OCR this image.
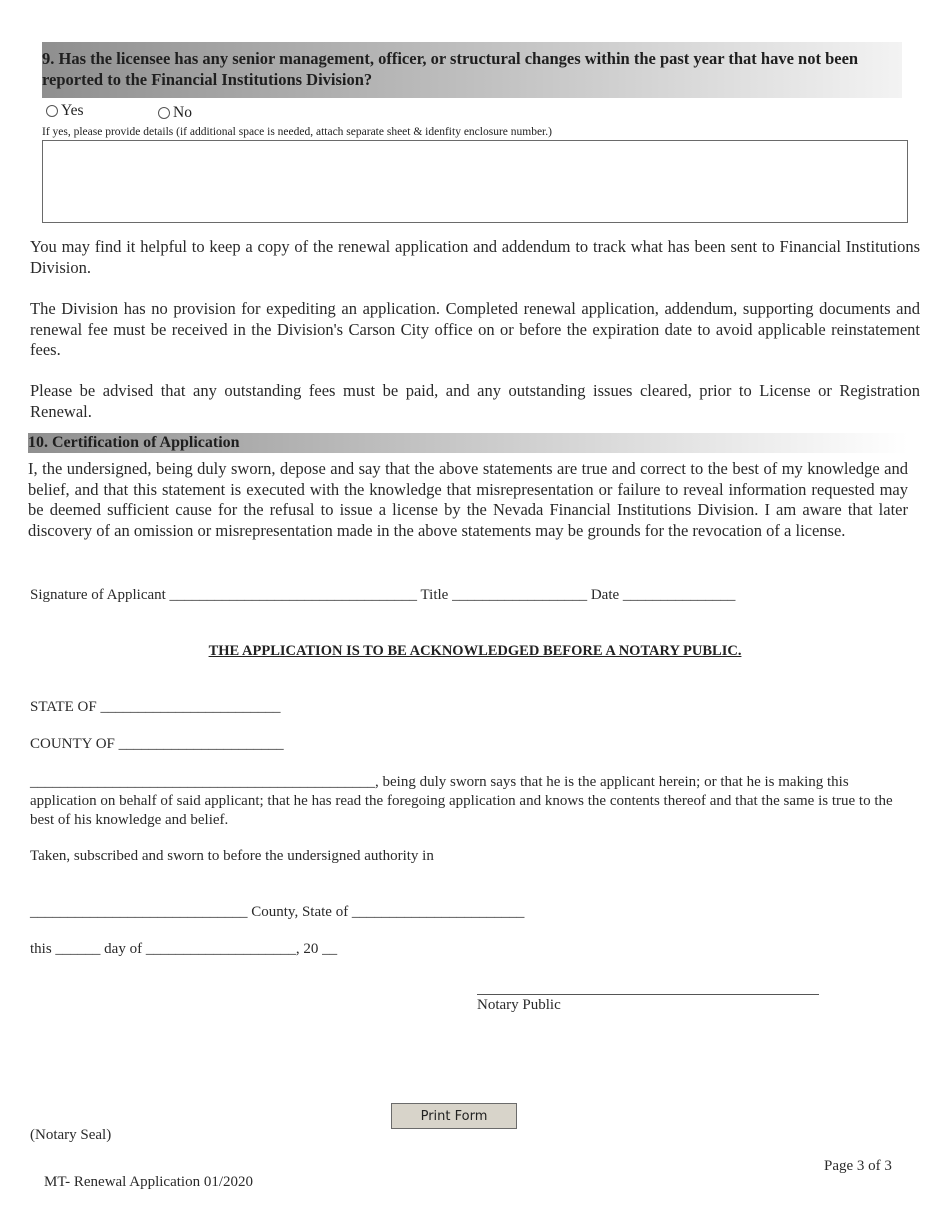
9. Has the licensee has any senior management, officer, or structural changes within the past year that have not been reported to the Financial Institutions Division?
Yes	No
If yes, please provide details (if additional space is needed, attach separate sheet & idenfity enclosure number.)
You may find it helpful to keep a copy of the renewal application and addendum to track what has been sent to Financial Institutions Division.
The Division has no provision for expediting an application. Completed renewal application, addendum, supporting documents and renewal fee must be received in the Division's Carson City office on or before the expiration date to avoid applicable reinstatement fees.
Please be advised that any outstanding fees must be paid, and any outstanding issues cleared, prior to License or Registration Renewal.
10. Certification of Application
I, the undersigned, being duly sworn, depose and say that the above statements are true and correct to the best of my knowledge and belief, and that this statement is executed with the knowledge that misrepresentation or failure to reveal information requested may be deemed sufficient cause for the refusal to issue a license by the Nevada Financial Institutions Division. I am aware that later discovery of an omission or misrepresentation made in the above statements may be grounds for the revocation of a license.
Signature of Applicant _________________________________ Title __________________ Date _______________
THE APPLICATION IS TO BE ACKNOWLEDGED BEFORE A NOTARY PUBLIC.
STATE OF ________________________
COUNTY OF ______________________
______________________________________________, being duly sworn says that he is the applicant herein; or that he is making this application on behalf of said applicant; that he has read the foregoing application and knows the contents thereof and that the same is true to the best of his knowledge and belief.
Taken, subscribed and sworn to before the undersigned authority in
_____________________________ County, State of _______________________
this ______ day of ____________________, 20 __
Notary Public
Print Form
(Notary Seal)
Page 3 of 3
MT- Renewal Application 01/2020
